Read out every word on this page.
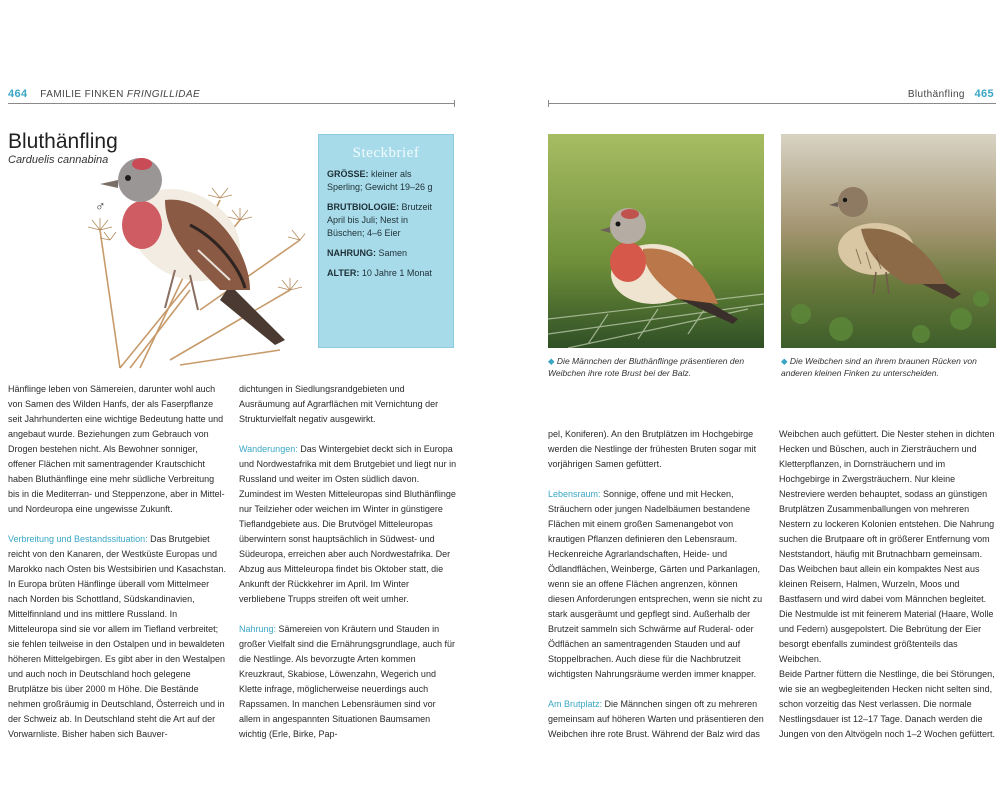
464 FAMILIE FINKEN FRINGILLIDAE
Bluthänfling
Carduelis cannabina
♂
Steckbrief

GRÖSSE: kleiner als Sperling; Gewicht 19–26 g

BRUTBIOLOGIE: Brutzeit April bis Juli; Nest in Büschen; 4–6 Eier

NAHRUNG: Samen

ALTER: 10 Jahre 1 Monat

Hänflinge leben von Sämereien, darunter wohl auch von Samen des Wilden Hanfs, der als Faserpflanze seit Jahrhunderten eine wichtige Bedeutung hatte und angebaut wurde. Beziehungen zum Gebrauch von Drogen bestehen nicht. Als Bewohner sonniger, offener Flächen mit samentragender Krautschicht haben Bluthänflinge eine mehr südliche Verbreitung bis in die Mediterran- und Steppenzone, aber in Mittel- und Nordeuropa eine ungewisse Zukunft.

Verbreitung und Bestandssituation: Das Brutgebiet reicht von den Kanaren, der Westküste Europas und Marokko nach Osten bis Westsibirien und Kasachstan. In Europa brüten Hänflinge überall vom Mittelmeer nach Norden bis Schottland, Südskandinavien, Mittelfinnland und ins mittlere Russland. In Mitteleuropa sind sie vor allem im Tiefland verbreitet; sie fehlen teilweise in den Ostalpen und in bewaldeten höheren Mittelgebirgen. Es gibt aber in den Westalpen und auch noch in Deutschland hoch gelegene Brutplätze bis über 2000 m Höhe. Die Bestände nehmen großräumig in Deutschland, Österreich und in der Schweiz ab. In Deutschland steht die Art auf der Vorwarnliste. Bisher haben sich Bauver-

dichtungen in Siedlungsrandgebieten und Ausräumung auf Agrarflächen mit Vernichtung der Strukturvielfalt negativ ausgewirkt.

Wanderungen: Das Wintergebiet deckt sich in Europa und Nordwestafrika mit dem Brutgebiet und liegt nur in Russland und weiter im Osten südlich davon. Zumindest im Westen Mitteleuropas sind Bluthänflinge nur Teilzieher oder weichen im Winter in günstigere Tieflandgebiete aus. Die Brutvögel Mitteleuropas überwintern sonst hauptsächlich in Südwest- und Südeuropa, erreichen aber auch Nordwestafrika. Der Abzug aus Mitteleuropa findet bis Oktober statt, die Ankunft der Rückkehrer im April. Im Winter verbliebene Trupps streifen oft weit umher.

Nahrung: Sämereien von Kräutern und Stauden in großer Vielfalt sind die Ernährungsgrundlage, auch für die Nestlinge. Als bevorzugte Arten kommen Kreuzkraut, Skabiose, Löwenzahn, Wegerich und Klette infrage, möglicherweise neuerdings auch Rapssamen. In manchen Lebensräumen sind vor allem in angespannten Situationen Baumsamen wichtig (Erle, Birke, Pap-

Bluthänfling 465
◆ Die Männchen der Bluthänflinge präsentieren den Weibchen ihre rote Brust bei der Balz.
◆ Die Weibchen sind an ihrem braunen Rücken von anderen kleinen Finken zu unterscheiden.

pel, Koniferen). An den Brutplätzen im Hochgebirge werden die Nestlinge der frühesten Bruten sogar mit vorjährigen Samen gefüttert.

Lebensraum: Sonnige, offene und mit Hecken, Sträuchern oder jungen Nadelbäumen bestandene Flächen mit einem großen Samenangebot von krautigen Pflanzen definieren den Lebensraum. Heckenreiche Agrarlandschaften, Heide- und Ödlandflächen, Weinberge, Gärten und Parkanlagen, wenn sie an offene Flächen angrenzen, können diesen Anforderungen entsprechen, wenn sie nicht zu stark ausgeräumt und gepflegt sind. Außerhalb der Brutzeit sammeln sich Schwärme auf Ruderal- oder Ödflächen an samentragenden Stauden und auf Stoppelbrachen. Auch diese für die Nachbrutzeit wichtigsten Nahrungsräume werden immer knapper.

Am Brutplatz: Die Männchen singen oft zu mehreren gemeinsam auf höheren Warten und präsentieren den Weibchen ihre rote Brust. Während der Balz wird das

Weibchen auch gefüttert. Die Nester stehen in dichten Hecken und Büschen, auch in Ziersträuchern und Kletterpflanzen, in Dornsträuchern und im Hochgebirge in Zwergsträuchern. Nur kleine Nestreviere werden behauptet, sodass an günstigen Brutplätzen Zusammenballungen von mehreren Nestern zu lockeren Kolonien entstehen. Die Nahrung suchen die Brutpaare oft in größerer Entfernung vom Neststandort, häufig mit Brutnachbarn gemeinsam.

Das Weibchen baut allein ein kompaktes Nest aus kleinen Reisern, Halmen, Wurzeln, Moos und Bastfasern und wird dabei vom Männchen begleitet. Die Nestmulde ist mit feinerem Material (Haare, Wolle und Federn) ausgepolstert. Die Bebrütung der Eier besorgt ebenfalls zumindest größtenteils das Weibchen.

Beide Partner füttern die Nestlinge, die bei Störungen, wie sie an wegbegleitenden Hecken nicht selten sind, schon vorzeitig das Nest verlassen. Die normale Nestlingsdauer ist 12–17 Tage. Danach werden die Jungen von den Altvögeln noch 1–2 Wochen gefüttert.
